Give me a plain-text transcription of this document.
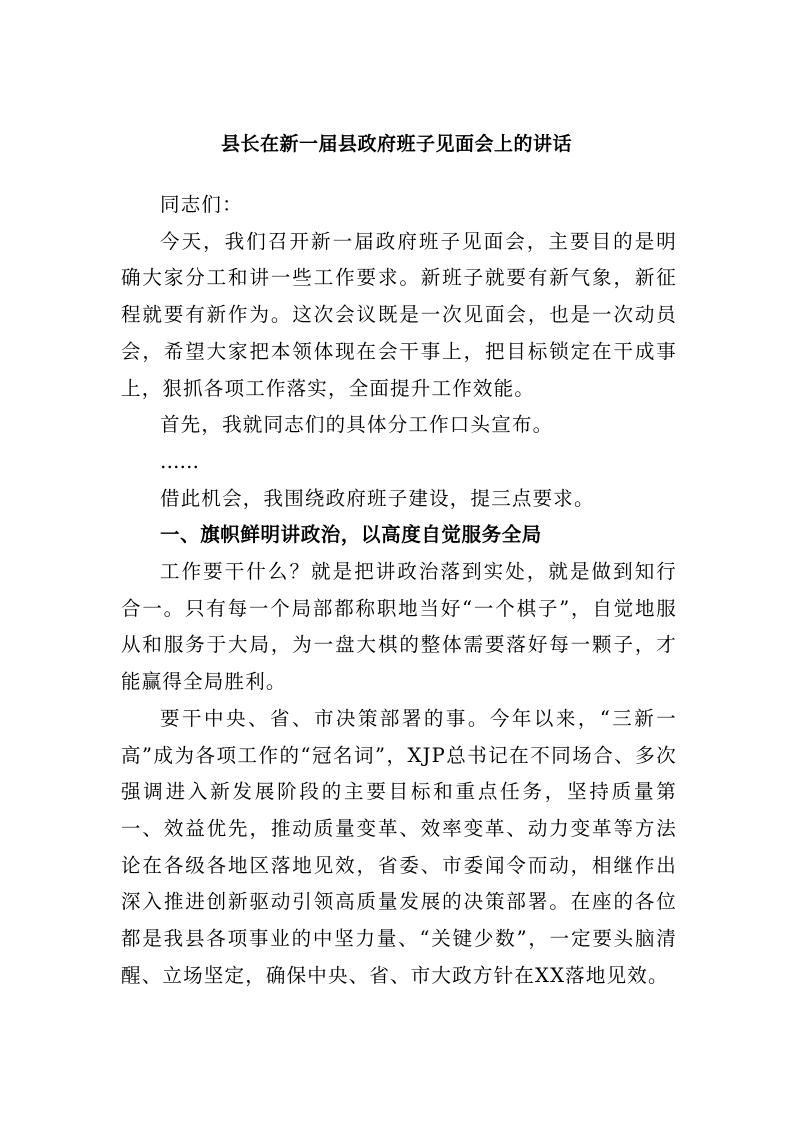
县长在新一届县政府班子见面会上的讲话

同志们：

今天，我们召开新一届政府班子见面会，主要目的是明确大家分工和讲一些工作要求。新班子就要有新气象，新征程就要有新作为。这次会议既是一次见面会，也是一次动员会，希望大家把本领体现在会干事上，把目标锁定在干成事上，狠抓各项工作落实，全面提升工作效能。

首先，我就同志们的具体分工作口头宣布。

……

借此机会，我围绕政府班子建设，提三点要求。

一、旗帜鲜明讲政治，以高度自觉服务全局

工作要干什么？就是把讲政治落到实处，就是做到知行合一。只有每一个局部都称职地当好“一个棋子”，自觉地服从和服务于大局，为一盘大棋的整体需要落好每一颗子，才能赢得全局胜利。

要干中央、省、市决策部署的事。今年以来，“三新一高”成为各项工作的“冠名词”，XJP总书记在不同场合、多次强调进入新发展阶段的主要目标和重点任务，坚持质量第一、效益优先，推动质量变革、效率变革、动力变革等方法论在各级各地区落地见效，省委、市委闻令而动，相继作出深入推进创新驱动引领高质量发展的决策部署。在座的各位都是我县各项事业的中坚力量、“关键少数”，一定要头脑清醒、立场坚定，确保中央、省、市大政方针在XX落地见效。
